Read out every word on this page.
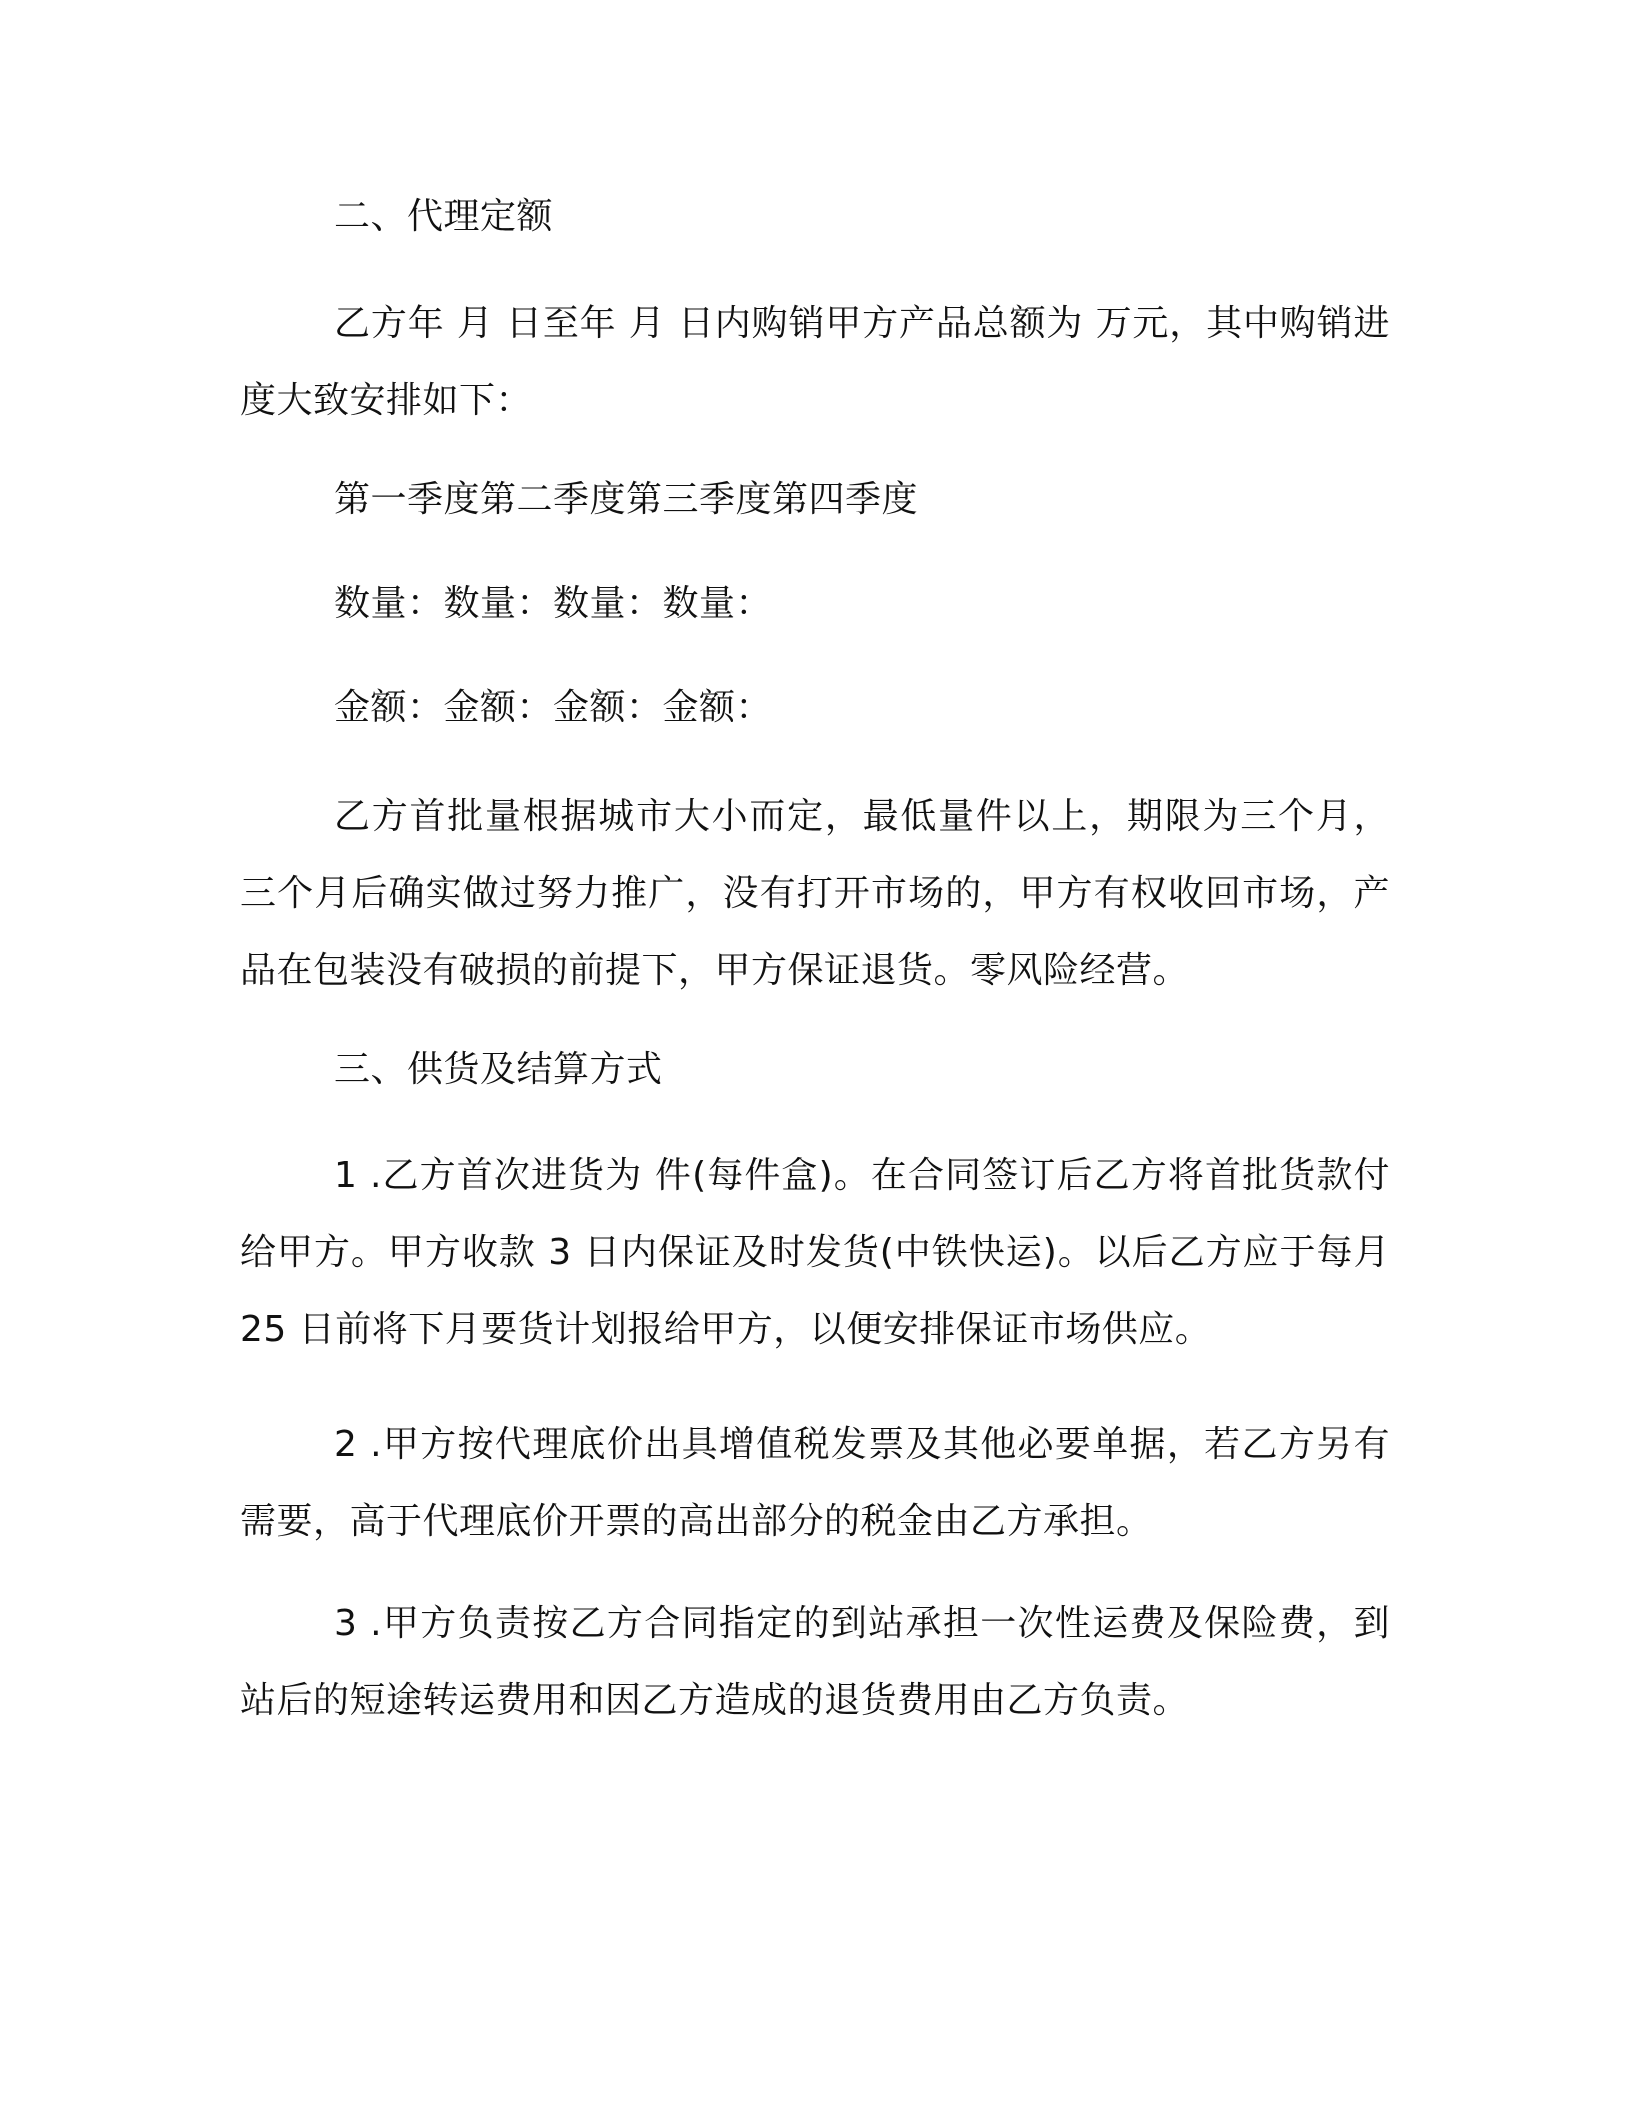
二、代理定额

乙方年 月 日至年 月 日内购销甲方产品总额为 万元，其中购销进度大致安排如下：

第一季度第二季度第三季度第四季度

数量：数量：数量：数量：

金额：金额：金额：金额：

乙方首批量根据城市大小而定，最低量件以上，期限为三个月，三个月后确实做过努力推广，没有打开市场的，甲方有权收回市场，产品在包装没有破损的前提下，甲方保证退货。零风险经营。

三、供货及结算方式

1 .乙方首次进货为 件(每件盒)。在合同签订后乙方将首批货款付给甲方。甲方收款 3 日内保证及时发货(中铁快运)。以后乙方应于每月 25 日前将下月要货计划报给甲方，以便安排保证市场供应。

2 .甲方按代理底价出具增值税发票及其他必要单据，若乙方另有需要，高于代理底价开票的高出部分的税金由乙方承担。

3 .甲方负责按乙方合同指定的到站承担一次性运费及保险费，到站后的短途转运费用和因乙方造成的退货费用由乙方负责。
